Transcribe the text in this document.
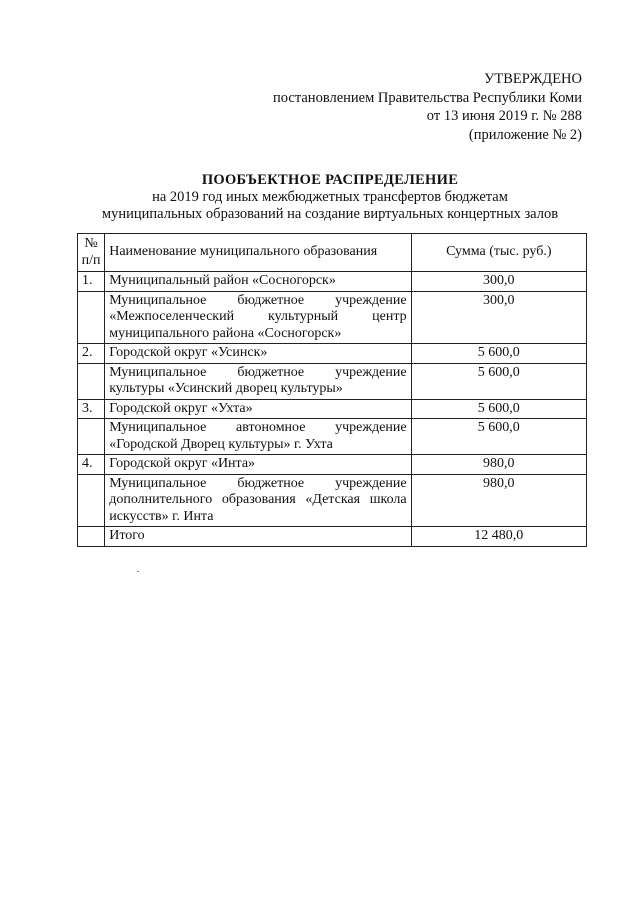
УТВЕРЖДЕНО
постановлением Правительства Республики Коми
от 13 июня 2019 г. № 288
(приложение № 2)
ПООБЪЕКТНОЕ РАСПРЕДЕЛЕНИЕ
на 2019 год иных межбюджетных трансфертов бюджетам
муниципальных образований на создание виртуальных концертных залов
№ п/п	Наименование муниципального образования	Сумма (тыс. руб.)
1.	Муниципальный район «Сосногорск»	300,0
	Муниципальное бюджетное учреждение «Межпоселенческий культурный центр муниципального района «Сосногорск»	300,0
2.	Городской округ «Усинск»	5 600,0
	Муниципальное бюджетное учреждение культуры «Усинский дворец культуры»	5 600,0
3.	Городской округ «Ухта»	5 600,0
	Муниципальное автономное учреждение «Городской Дворец культуры» г. Ухта	5 600,0
4.	Городской округ «Инта»	980,0
	Муниципальное бюджетное учреждение дополнительного образования «Детская школа искусств» г. Инта	980,0
	Итого	12 480,0
